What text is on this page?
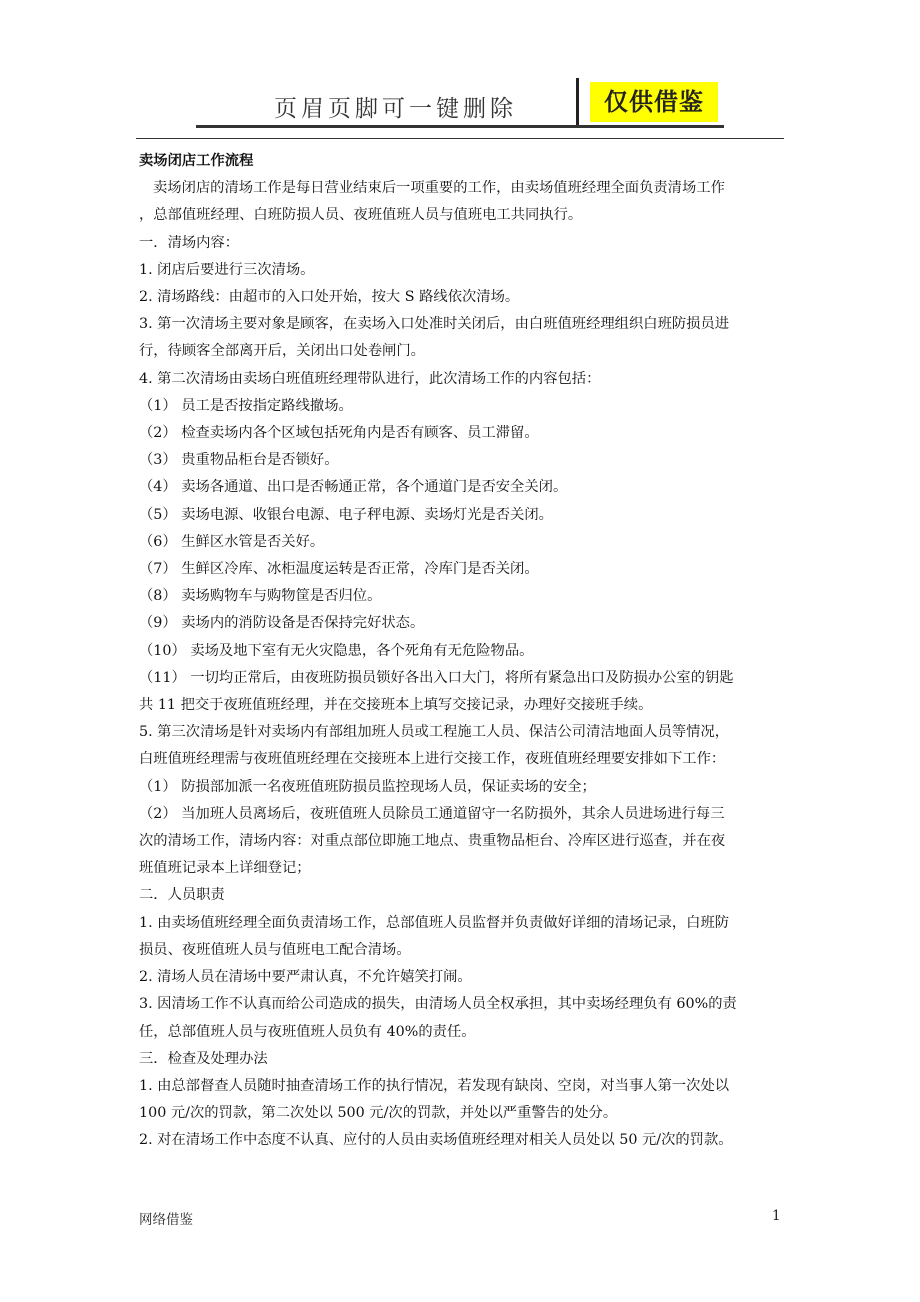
页眉页脚可一键删除	仅供借鉴

卖场闭店工作流程

卖场闭店的清场工作是每日营业结束后一项重要的工作，由卖场值班经理全面负责清场工作

，总部值班经理、白班防损人员、夜班值班人员与值班电工共同执行。

一．清场内容：

1. 闭店后要进行三次清场。

2. 清场路线：由超市的入口处开始，按大 S 路线依次清场。

3. 第一次清场主要对象是顾客，在卖场入口处准时关闭后，由白班值班经理组织白班防损员进

行，待顾客全部离开后，关闭出口处卷闸门。

4. 第二次清场由卖场白班值班经理带队进行，此次清场工作的内容包括：

（1） 员工是否按指定路线撤场。

（2） 检查卖场内各个区域包括死角内是否有顾客、员工滞留。

（3） 贵重物品柜台是否锁好。

（4） 卖场各通道、出口是否畅通正常，各个通道门是否安全关闭。

（5） 卖场电源、收银台电源、电子秤电源、卖场灯光是否关闭。

（6） 生鲜区水管是否关好。

（7） 生鲜区冷库、冰柜温度运转是否正常，冷库门是否关闭。

（8） 卖场购物车与购物筐是否归位。

（9） 卖场内的消防设备是否保持完好状态。

（10） 卖场及地下室有无火灾隐患，各个死角有无危险物品。

（11） 一切均正常后，由夜班防损员锁好各出入口大门，将所有紧急出口及防损办公室的钥匙

共 11 把交于夜班值班经理，并在交接班本上填写交接记录，办理好交接班手续。

5. 第三次清场是针对卖场内有部组加班人员或工程施工人员、保洁公司清洁地面人员等情况，

白班值班经理需与夜班值班经理在交接班本上进行交接工作，夜班值班经理要安排如下工作：

（1） 防损部加派一名夜班值班防损员监控现场人员，保证卖场的安全；

（2） 当加班人员离场后，夜班值班人员除员工通道留守一名防损外，其余人员进场进行每三

次的清场工作，清场内容：对重点部位即施工地点、贵重物品柜台、冷库区进行巡查，并在夜

班值班记录本上详细登记；

二．人员职责

1. 由卖场值班经理全面负责清场工作，总部值班人员监督并负责做好详细的清场记录，白班防

损员、夜班值班人员与值班电工配合清场。

2. 清场人员在清场中要严肃认真，不允许嬉笑打闹。

3. 因清场工作不认真而给公司造成的损失，由清场人员全权承担，其中卖场经理负有 60%的责

任，总部值班人员与夜班值班人员负有 40%的责任。

三．检查及处理办法

1. 由总部督查人员随时抽查清场工作的执行情况，若发现有缺岗、空岗，对当事人第一次处以

100 元/次的罚款，第二次处以 500 元/次的罚款，并处以严重警告的处分。

2. 对在清场工作中态度不认真、应付的人员由卖场值班经理对相关人员处以 50 元/次的罚款。

网络借鉴	1
